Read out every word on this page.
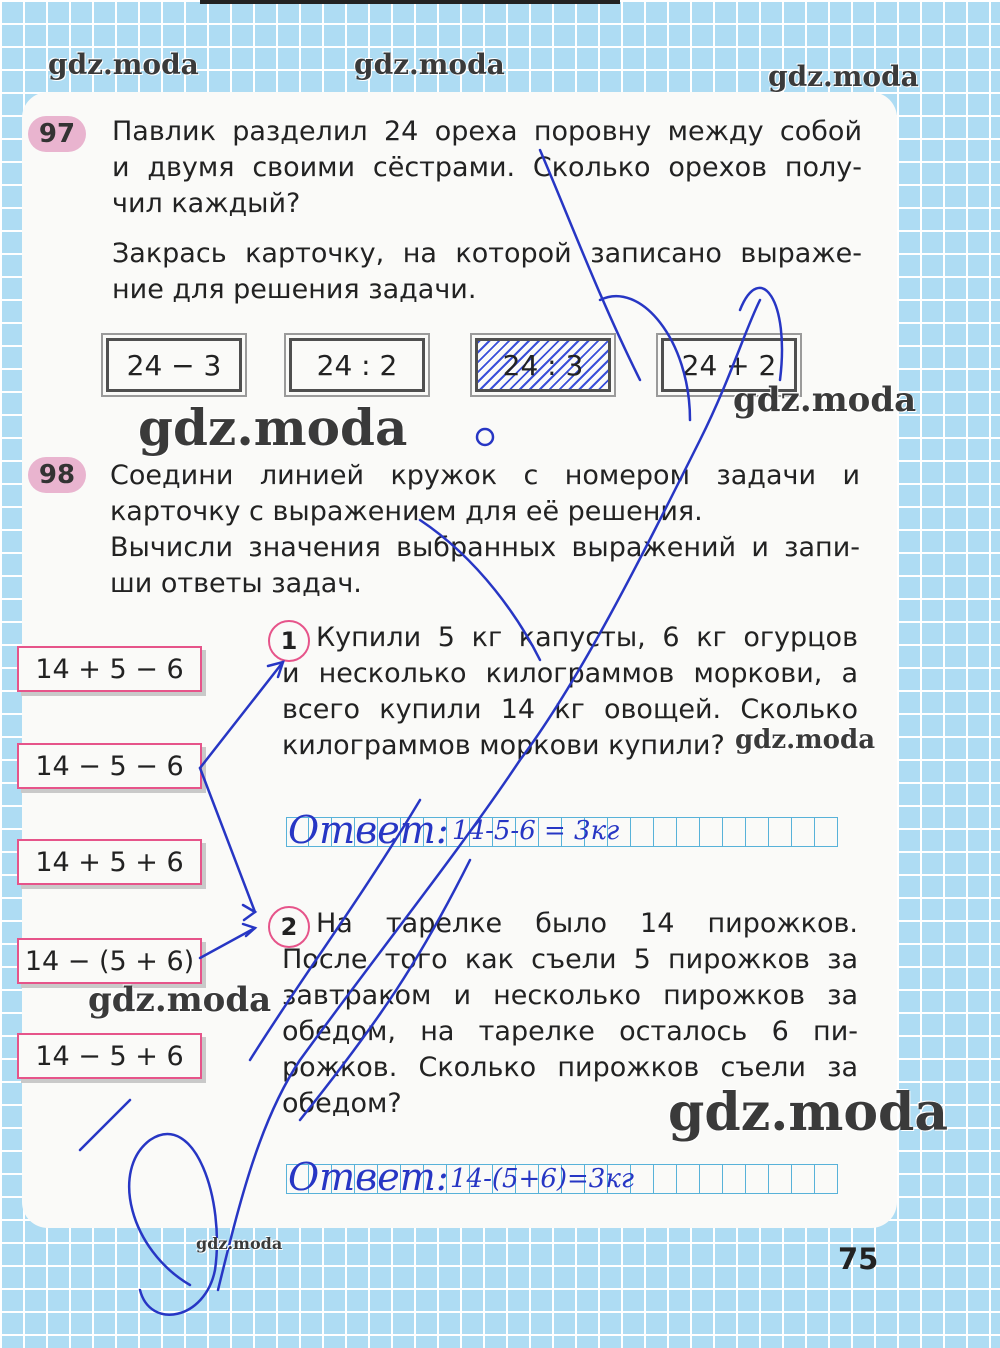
97	Павлик разделил 24 ореха поровну между собой
и двумя своими сёстрами. Сколько орехов полу-
чил каждый?
Закрась карточку, на которой записано выраже-
ние для решения задачи.
24 − 3	24 : 2	24 : 3	24 + 2
98	Соедини линией кружок с номером задачи и
карточку с выражением для её решения.
Вычисли значения выбранных выражений и запи-
ши ответы задач.
14 + 5 − 6
14 − 5 − 6
14 + 5 + 6
14 − (5 + 6)
14 − 5 + 6
1 Купили 5 кг капусты, 6 кг огурцов
и несколько килограммов моркови, а
всего купили 14 кг овощей. Сколько
килограммов моркови купили?
Ответ: 14-5-6 = 3кг
2 На тарелке было 14 пирожков.
После того как съели 5 пирожков за
завтраком и несколько пирожков за
обедом, на тарелке осталось 6 пи-
рожков. Сколько пирожков съели за
обедом?
Ответ: 14-(5+6)=3кг
75
gdz.moda	gdz.moda	gdz.moda
gdz.moda	gdz.moda
gdz.moda
gdz.moda
gdz.moda
gdz.moda
